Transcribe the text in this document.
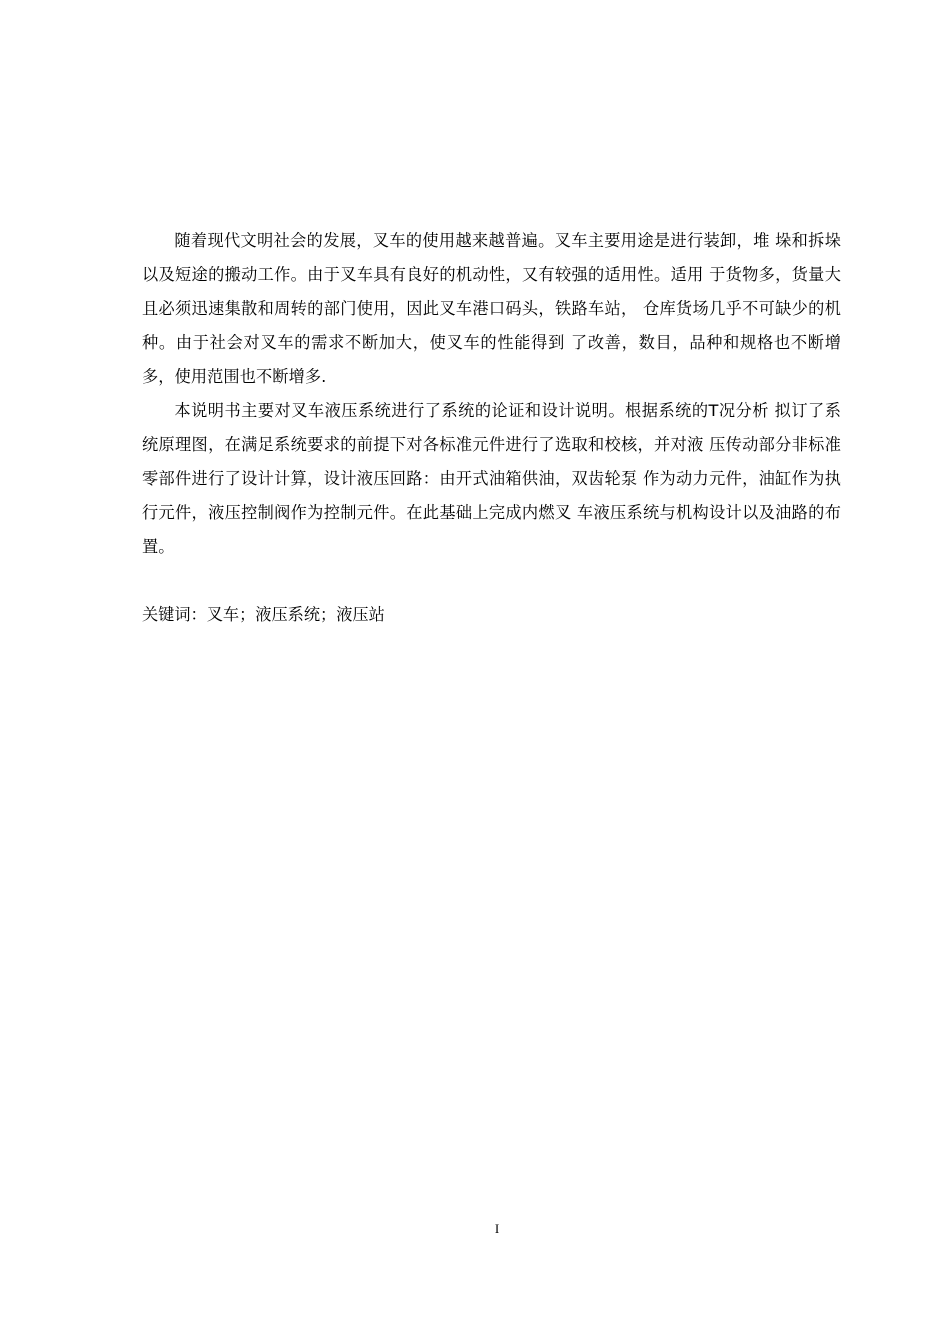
随着现代文明社会的发展，叉车的使用越来越普遍。叉车主要用途是进行装卸，堆 垛和拆垛以及短途的搬动工作。由于叉车具有良好的机动性，又有较强的适用性。适用 于货物多，货量大且必须迅速集散和周转的部门使用，因此叉车港口码头，铁路车站， 仓库货场几乎不可缺少的机种。由于社会对叉车的需求不断加大，使叉车的性能得到 了改善，数目，品种和规格也不断增多，使用范围也不断增多.

本说明书主要对叉车液压系统进行了系统的论证和设计说明。根据系统的T况分析 拟订了系统原理图，在满足系统要求的前提下对各标准元件进行了选取和校核，并对液 压传动部分非标准零部件进行了设计计算，设计液压回路：由开式油箱供油，双齿轮泵 作为动力元件，油缸作为执行元件，液压控制阀作为控制元件。在此基础上完成内燃叉 车液压系统与机构设计以及油路的布置。

关键词：叉车；液压系统；液压站

I
